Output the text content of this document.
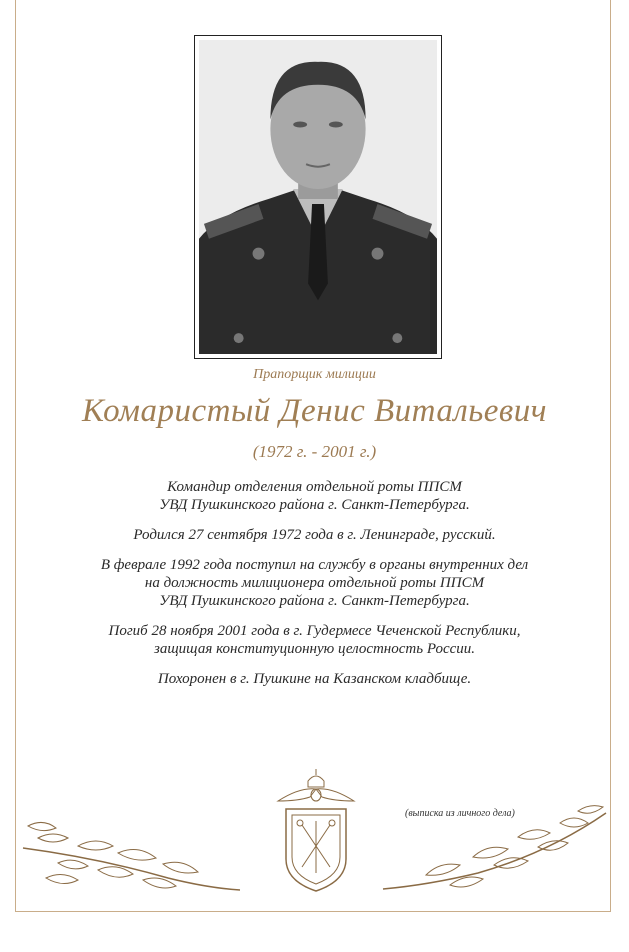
Прапорщик милиции
Комаристый Денис Витальевич
(1972 г. - 2001 г.)

Командир отделения отдельной роты ППСМ
УВД Пушкинского района г. Санкт-Петербурга.

Родился 27 сентября 1972 года в г. Ленинграде, русский.

В феврале 1992 года поступил на службу в органы внутренних дел
на должность милиционера отдельной роты ППСМ
УВД Пушкинского района г. Санкт-Петербурга.

Погиб 28 ноября 2001 года в г. Гудермесе Чеченской Республики,
защищая конституционную целостность России.

Похоронен в г. Пушкине на Казанском кладбище.

(выписка из личного дела)
